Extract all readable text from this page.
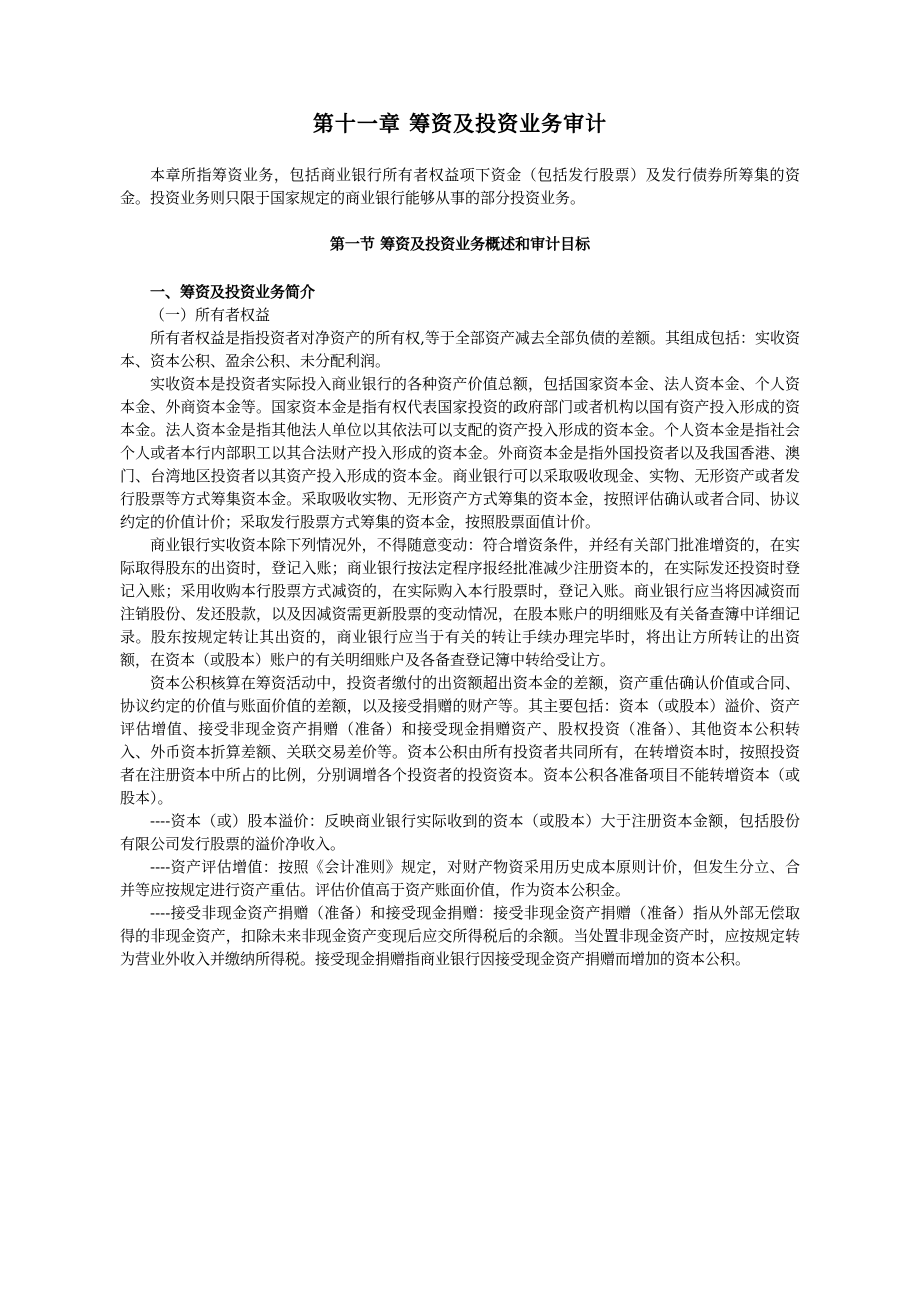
第十一章 筹资及投资业务审计

本章所指筹资业务，包括商业银行所有者权益项下资金（包括发行股票）及发行债券所筹集的资金。投资业务则只限于国家规定的商业银行能够从事的部分投资业务。

第一节 筹资及投资业务概述和审计目标
一、筹资及投资业务简介
（一）所有者权益

所有者权益是指投资者对净资产的所有权,等于全部资产减去全部负债的差额。其组成包括：实收资本、资本公积、盈余公积、未分配利润。

实收资本是投资者实际投入商业银行的各种资产价值总额，包括国家资本金、法人资本金、个人资本金、外商资本金等。国家资本金是指有权代表国家投资的政府部门或者机构以国有资产投入形成的资本金。法人资本金是指其他法人单位以其依法可以支配的资产投入形成的资本金。个人资本金是指社会个人或者本行内部职工以其合法财产投入形成的资本金。外商资本金是指外国投资者以及我国香港、澳门、台湾地区投资者以其资产投入形成的资本金。商业银行可以采取吸收现金、实物、无形资产或者发行股票等方式筹集资本金。采取吸收实物、无形资产方式筹集的资本金，按照评估确认或者合同、协议约定的价值计价；采取发行股票方式筹集的资本金，按照股票面值计价。

商业银行实收资本除下列情况外，不得随意变动：符合增资条件，并经有关部门批准增资的，在实际取得股东的出资时，登记入账；商业银行按法定程序报经批准减少注册资本的，在实际发还投资时登记入账；采用收购本行股票方式减资的，在实际购入本行股票时，登记入账。商业银行应当将因减资而注销股份、发还股款，以及因减资需更新股票的变动情况，在股本账户的明细账及有关备查簿中详细记录。股东按规定转让其出资的，商业银行应当于有关的转让手续办理完毕时，将出让方所转让的出资额，在资本（或股本）账户的有关明细账户及各备查登记簿中转给受让方。

资本公积核算在筹资活动中，投资者缴付的出资额超出资本金的差额，资产重估确认价值或合同、协议约定的价值与账面价值的差额，以及接受捐赠的财产等。其主要包括：资本（或股本）溢价、资产评估增值、接受非现金资产捐赠（准备）和接受现金捐赠资产、股权投资（准备）、其他资本公积转入、外币资本折算差额、关联交易差价等。资本公积由所有投资者共同所有，在转增资本时，按照投资者在注册资本中所占的比例，分别调增各个投资者的投资资本。资本公积各准备项目不能转增资本（或股本）。

----资本（或）股本溢价：反映商业银行实际收到的资本（或股本）大于注册资本金额，包括股份有限公司发行股票的溢价净收入。

----资产评估增值：按照《会计准则》规定，对财产物资采用历史成本原则计价，但发生分立、合并等应按规定进行资产重估。评估价值高于资产账面价值，作为资本公积金。

----接受非现金资产捐赠（准备）和接受现金捐赠：接受非现金资产捐赠（准备）指从外部无偿取得的非现金资产，扣除未来非现金资产变现后应交所得税后的余额。当处置非现金资产时，应按规定转为营业外收入并缴纳所得税。接受现金捐赠指商业银行因接受现金资产捐赠而增加的资本公积。
